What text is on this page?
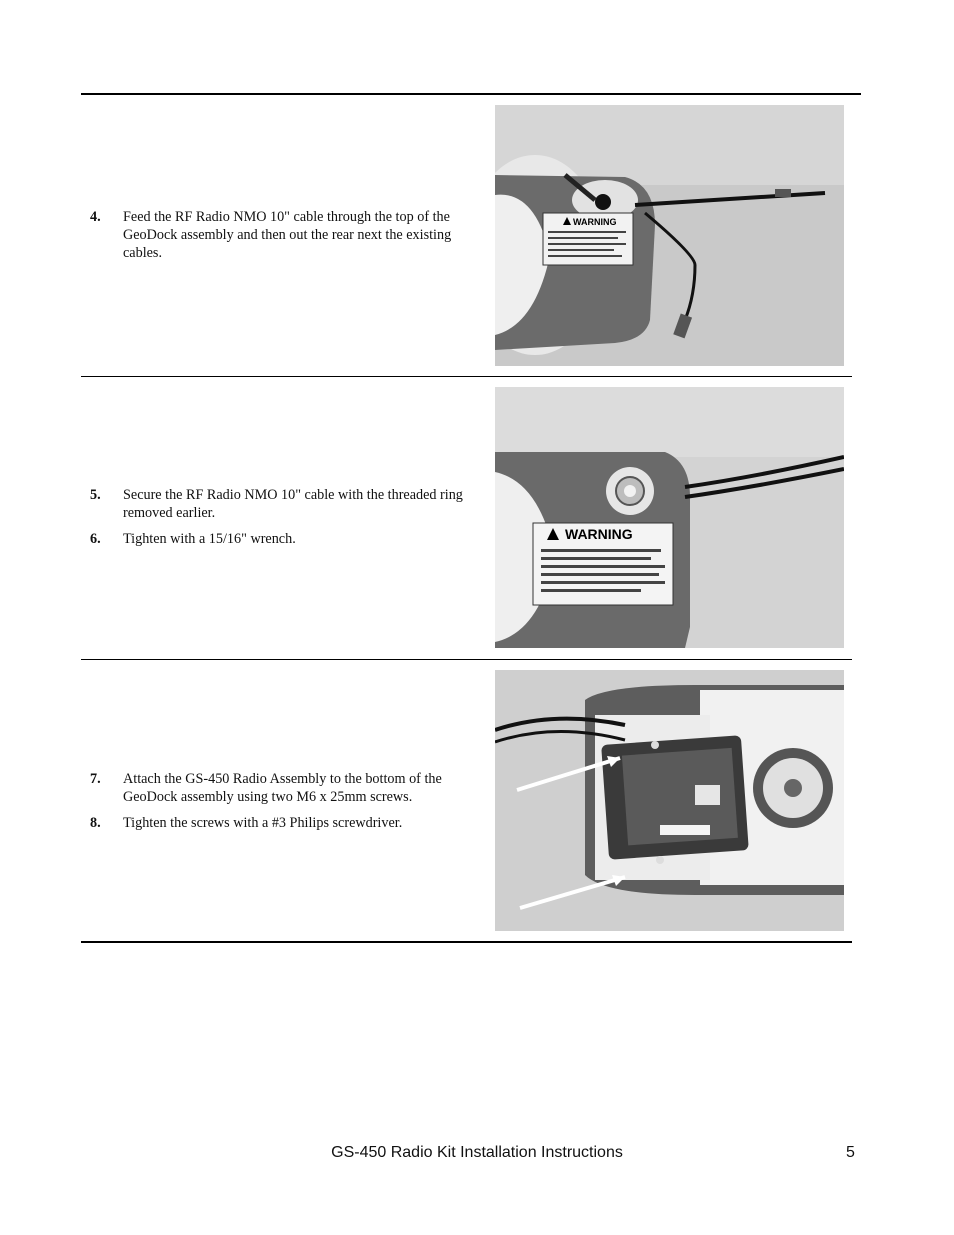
4.	Feed the RF Radio NMO 10" cable through the top of the GeoDock assembly and then out the rear next the existing cables.
WARNING
5.	Secure the RF Radio NMO 10" cable with the threaded ring removed earlier.
6.	Tighten with a 15/16" wrench.	WARNING
7.	Attach the GS-450 Radio Assembly to the bottom of the GeoDock assembly using two M6 x 25mm screws.
8.	Tighten the screws with a #3 Philips screwdriver.
GS-450 Radio Kit Installation Instructions	5
